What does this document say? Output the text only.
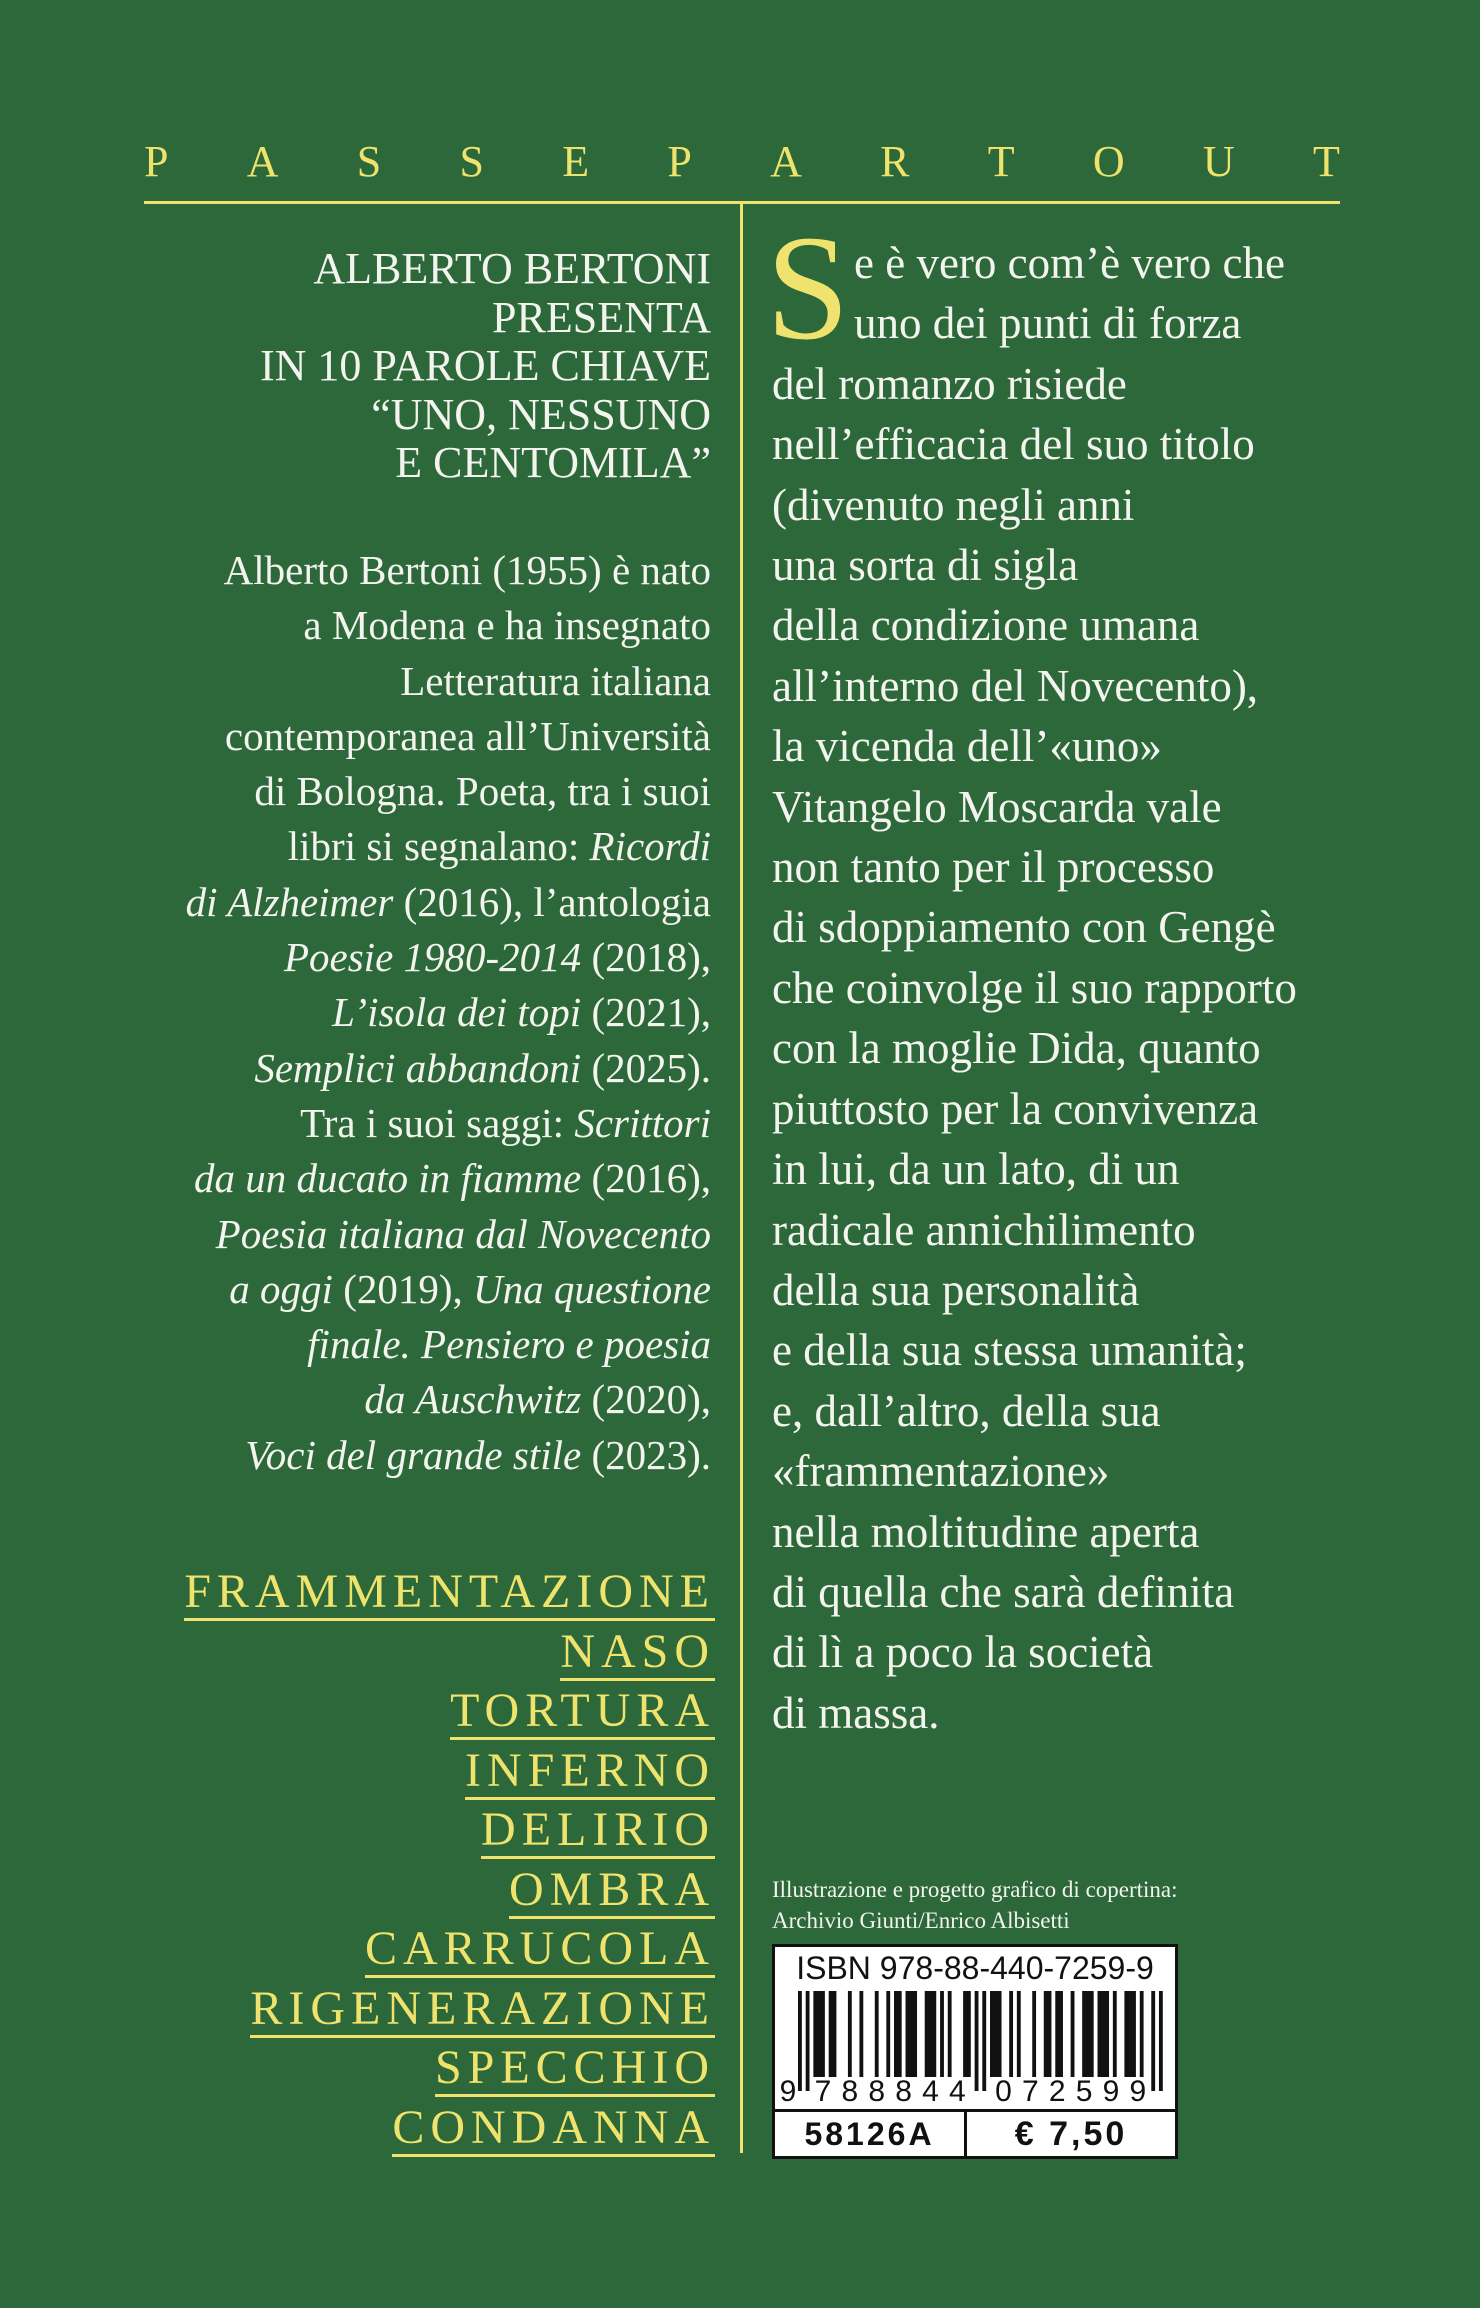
P A S S E P A R T O U T
ALBERTO BERTONI
PRESENTA
IN 10 PAROLE CHIAVE
“UNO, NESSUNO
E CENTOMILA”
Alberto Bertoni (1955) è nato
a Modena e ha insegnato
Letteratura italiana
contemporanea all’Università
di Bologna. Poeta, tra i suoi
libri si segnalano: Ricordi
di Alzheimer (2016), l’antologia
Poesie 1980-2014 (2018),
L’isola dei topi (2021),
Semplici abbandoni (2025).
Tra i suoi saggi: Scrittori
da un ducato in fiamme (2016),
Poesia italiana dal Novecento
a oggi (2019), Una questione
finale. Pensiero e poesia
da Auschwitz (2020),
Voci del grande stile (2023).
FRAMMENTAZIONE
NASO
TORTURA
INFERNO
DELIRIO
OMBRA
CARRUCOLA
RIGENERAZIONE
SPECCHIO
CONDANNA
S e è vero com’è vero che
uno dei punti di forza
del romanzo risiede
nell’efficacia del suo titolo
(divenuto negli anni
una sorta di sigla
della condizione umana
all’interno del Novecento),
la vicenda dell’«uno»
Vitangelo Moscarda vale
non tanto per il processo
di sdoppiamento con Gengè
che coinvolge il suo rapporto
con la moglie Dida, quanto
piuttosto per la convivenza
in lui, da un lato, di un
radicale annichilimento
della sua personalità
e della sua stessa umanità;
e, dall’altro, della sua
«frammentazione»
nella moltitudine aperta
di quella che sarà definita
di lì a poco la società
di massa.
Illustrazione e progetto grafico di copertina:
Archivio Giunti/Enrico Albisetti
ISBN 978-88-440-7259-9
9 7 8 8 8 4 4 0 7 2 5 9 9
58126A	€ 7,50
